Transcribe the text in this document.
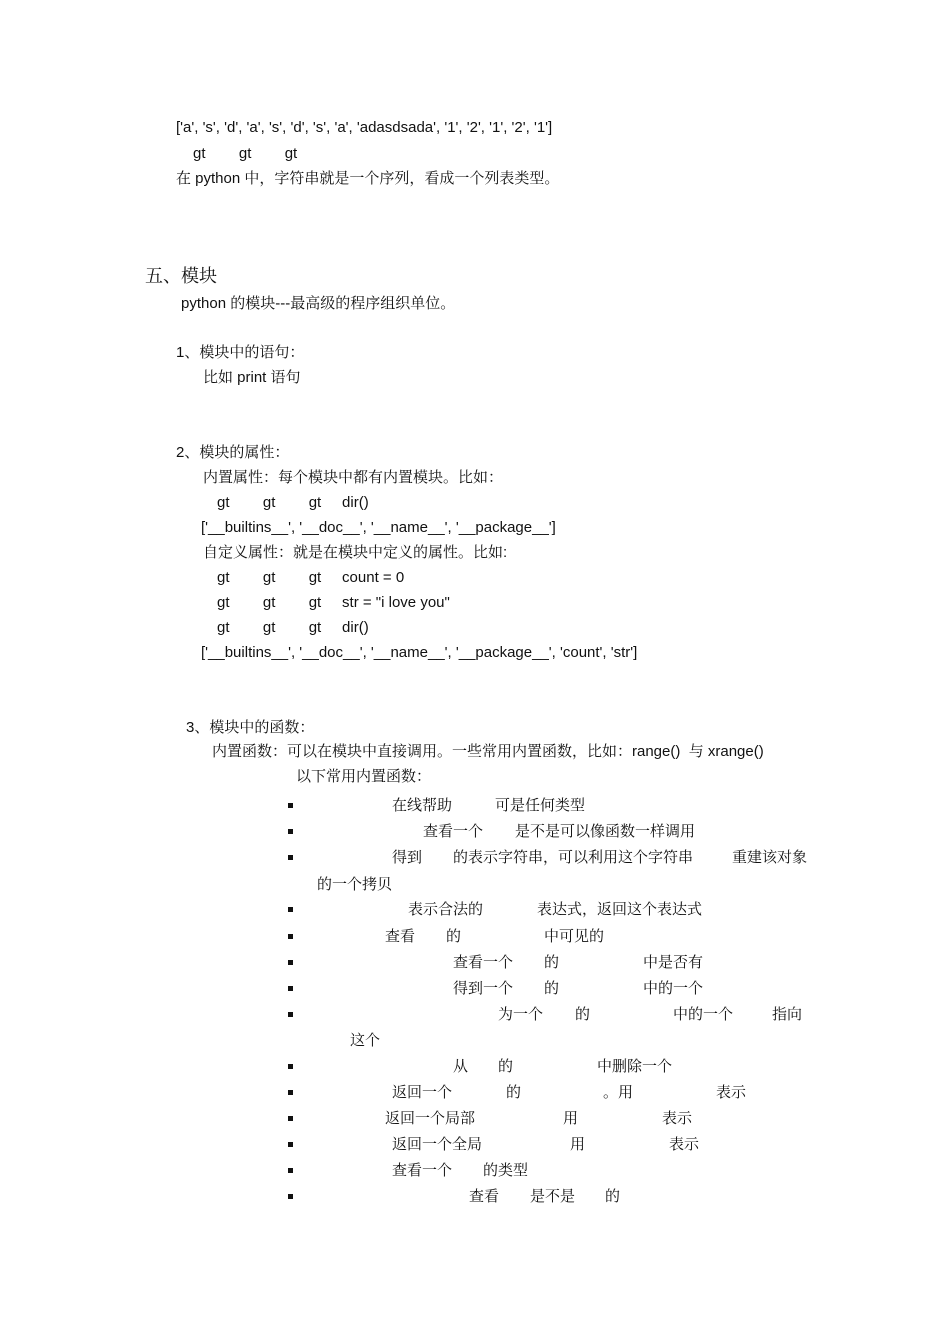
['a', 's', 'd', 'a', 's', 'd', 's', 'a', 'adasdsada', '1', '2', '1', '2', '1']
gt        gt        gt
在 python 中，字符串就是一个序列，看成一个列表类型。
五、模块
python 的模块---最高级的程序组织单位。
1、模块中的语句：
比如 print 语句
2、模块的属性：
内置属性：每个模块中都有内置模块。比如：
gt        gt        gt     dir()
['__builtins__', '__doc__', '__name__', '__package__']
自定义属性：就是在模块中定义的属性。比如:
gt        gt        gt     count = 0
gt        gt        gt     str = "i love you"
gt        gt        gt     dir()
['__builtins__', '__doc__', '__name__', '__package__', 'count', 'str']
3、模块中的函数：
内置函数：可以在模块中直接调用。一些常用内置函数，比如：range()  与 xrange()
以下常用内置函数：
在线帮助	可是任何类型
查看一个 是不是可以像函数一样调用
得到 的表示字符串，可以利用这个字符串	重建该对象
表示合法的	表达式，返回这个表达式
查看 的	中可见的
查看一个 的	中是否有
得到一个 的	中的一个
为一个 的	中的一个	指向
从 的	中删除一个
返回一个	的	。用	表示
返回一个局部	用	表示
返回一个全局	用	表示
查看一个 的类型
查看 是不是 的
的一个拷贝
这个
